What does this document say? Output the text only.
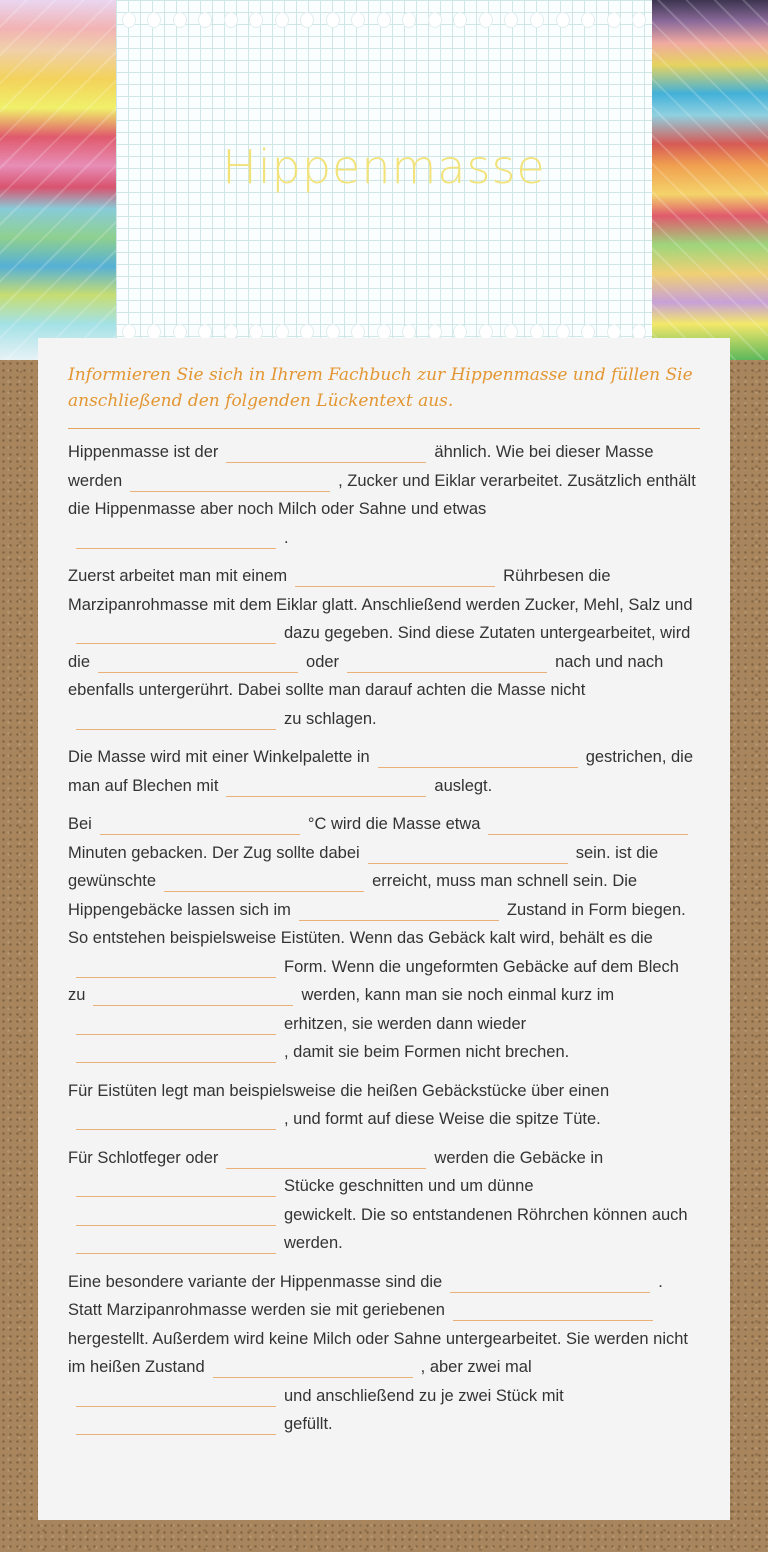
Hippenmasse
Informieren Sie sich in Ihrem Fachbuch zur Hippenmasse und füllen Sie anschließend den folgenden Lückentext aus.

Hippenmasse ist der	ähnlich. Wie bei dieser Masse werden	, Zucker und Eiklar verarbeitet. Zusätzlich enthält die Hippenmasse aber noch Milch oder Sahne und etwas.

Zuerst arbeitet man mit einem	Rührbesen die Marzipanrohmasse mit dem Eiklar glatt. Anschließend werden Zucker, Mehl, Salz unddazu gegeben. Sind diese Zutaten untergearbeitet, wird die	oder	nach und nach ebenfalls untergerührt. Dabei sollte man darauf achten die Masse nichtzu schlagen.

Die Masse wird mit einer Winkelpalette in	gestrichen, die man auf Blechen mit	auslegt.

Bei	°C wird die Masse etwaMinuten gebacken. Der Zug sollte dabei	sein. ist die gewünschte	erreicht, muss man schnell sein. Die Hippengebäcke lassen sich im	Zustand in Form biegen. So entstehen beispielsweise Eistüten. Wenn das Gebäck kalt wird, behält es dieForm. Wenn die ungeformten Gebäcke auf dem Blech zu	werden, kann man sie noch einmal kurz imerhitzen, sie werden dann wieder, damit sie beim Formen nicht brechen.

Für Eistüten legt man beispielsweise die heißen Gebäckstücke über einen, und formt auf diese Weise die spitze Tüte.

Für Schlotfeger oder	werden die Gebäcke inStücke geschnitten und um dünnegewickelt. Die so entstandenen Röhrchen können auchwerden.

Eine besondere variante der Hippenmasse sind die	. Statt Marzipanrohmasse werden sie mit geriebenenhergestellt. Außerdem wird keine Milch oder Sahne untergearbeitet. Sie werden nicht im heißen Zustand	, aber zwei malund anschließend zu je zwei Stück mitgefüllt.
